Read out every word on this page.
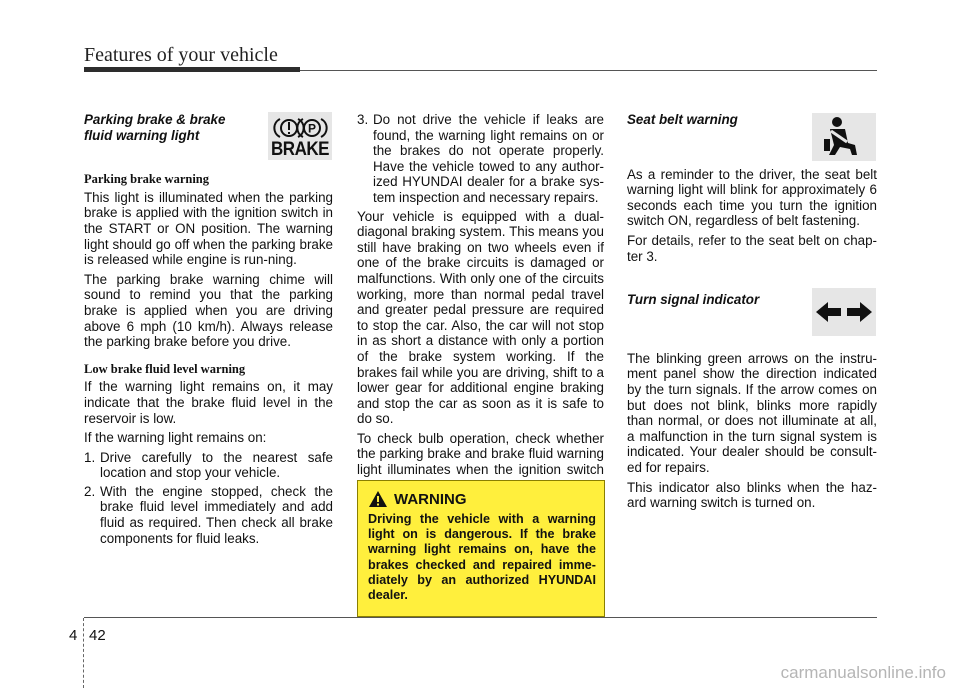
Features of your vehicle
Parking brake & brake
fluid warning light
Parking brake warning

This light is illuminated when the parking brake is applied with the ignition switch in the START or ON position. The warning light should go off when the parking brake is released while engine is run-ning.

The parking brake warning chime will sound to remind you that the parking brake is applied when you are driving above 6 mph (10 km/h). Always release the parking brake before you drive.

Low brake fluid level warning

If the warning light remains on, it may indicate that the brake fluid level in the reservoir is low.

If the warning light remains on:

1. Drive carefully to the nearest safe location and stop your vehicle.
2. With the engine stopped, check the brake fluid level immediately and add fluid as required. Then check all brake components for fluid leaks.
P
BRAKE
3. Do not drive the vehicle if leaks are found, the warning light remains on or the brakes do not operate properly. Have the vehicle towed to any author-ized HYUNDAI dealer for a brake sys-tem inspection and necessary repairs.

Your vehicle is equipped with a dual-diagonal braking system. This means you still have braking on two wheels even if one of the brake circuits is damaged or malfunctions. With only one of the circuits working, more than normal pedal travel and greater pedal pressure are required to stop the car. Also, the car will not stop in as short a distance with only a portion of the brake system working. If the brakes fail while you are driving, shift to a lower gear for additional engine braking and stop the car as soon as it is safe to do so.

To check bulb operation, check whether the parking brake and brake fluid warning light illuminates when the ignition switch

WARNING

Driving the vehicle with a warning light on is dangerous. If the brake warning light remains on, have the brakes checked and repaired imme-diately by an authorized HYUNDAI dealer.

Seat belt warning

As a reminder to the driver, the seat belt warning light will blink for approximately 6 seconds each time you turn the ignition switch ON, regardless of belt fastening.

For details, refer to the seat belt on chap-ter 3.

Turn signal indicator

The blinking green arrows on the instru-ment panel show the direction indicated by the turn signals. If the arrow comes on but does not blink, blinks more rapidly than normal, or does not illuminate at all, a malfunction in the turn signal system is indicated. Your dealer should be consult-ed for repairs.

This indicator also blinks when the haz-ard warning switch is turned on.

4 42
carmanualsonline.info
